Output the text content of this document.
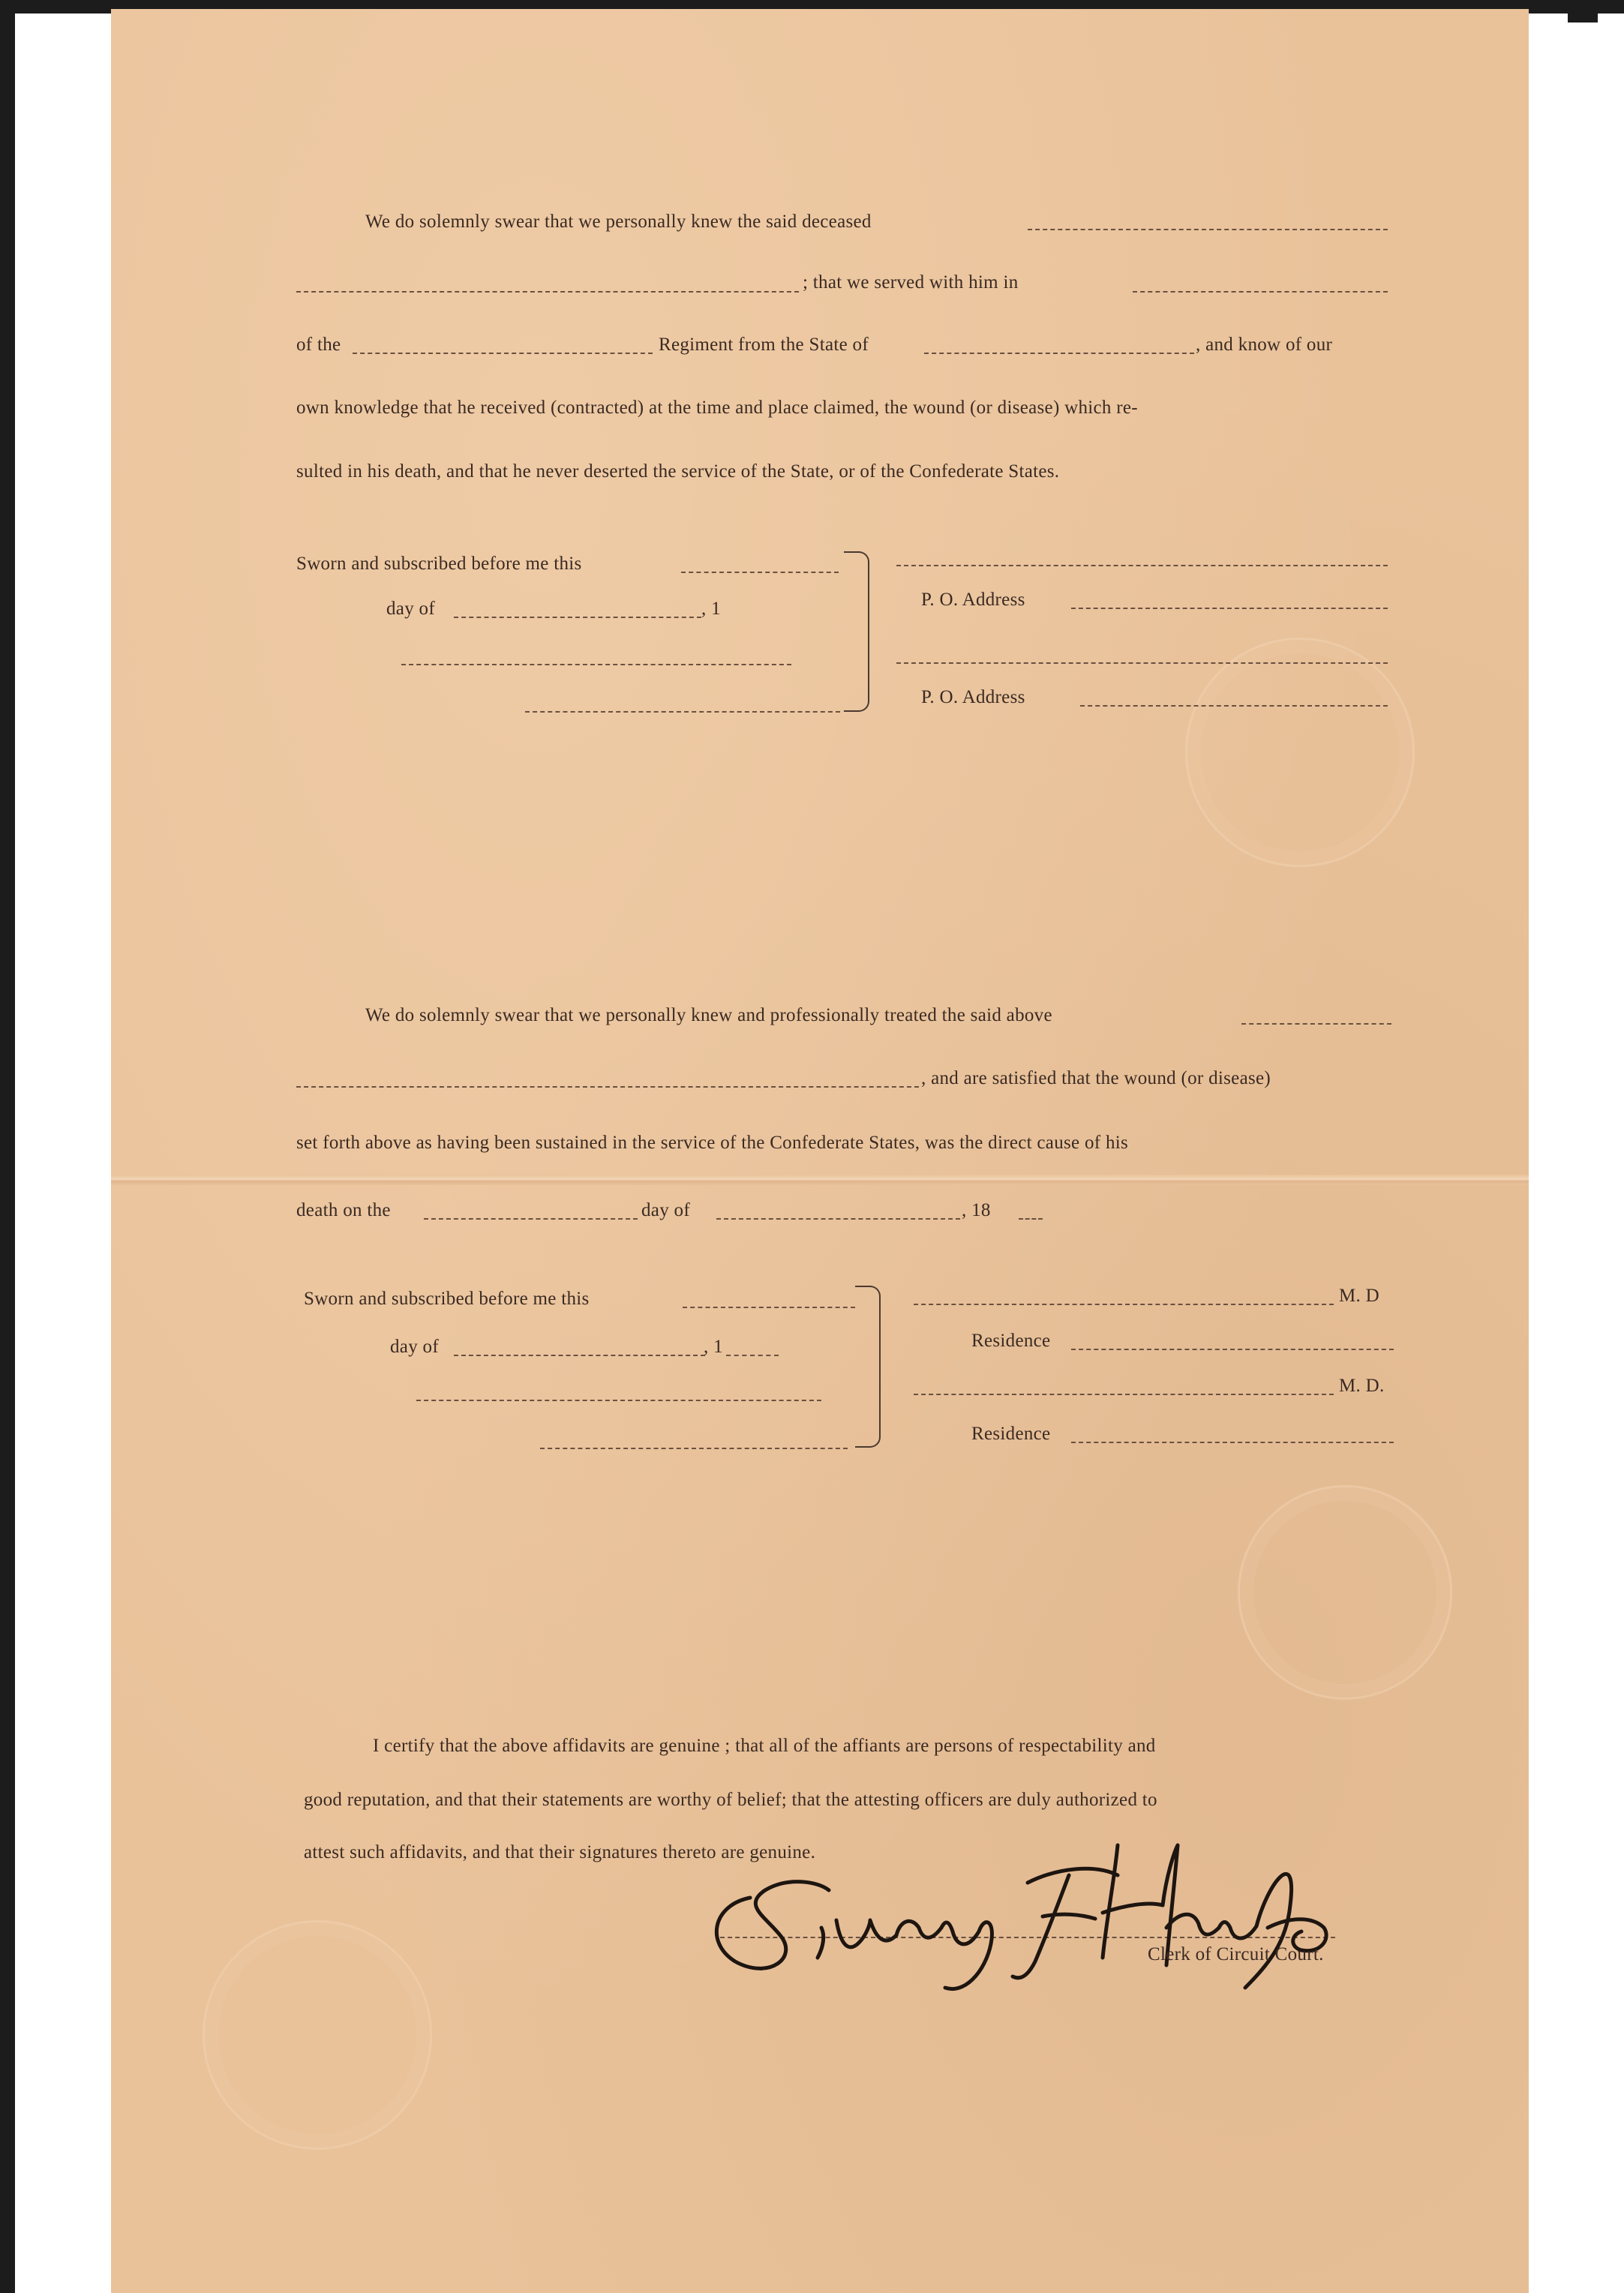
We do solemnly swear that we personally knew the said deceased
; that we served with him in
of the	Regiment from the State of	, and know of our
own knowledge that he received (contracted) at the time and place claimed, the wound (or disease) which re-
sulted in his death, and that he never deserted the service of the State, or of the Confederate States.
Sworn and subscribed before me this
day of	, 1	P. O. Address
P. O. Address
We do solemnly swear that we personally knew and professionally treated the said above
, and are satisfied that the wound (or disease)
set forth above as having been sustained in the service of the Confederate States, was the direct cause of his
death on the	day of	, 18
Sworn and subscribed before me this
day of	, 1
M. D
Residence
M. D.
Residence
I certify that the above affidavits are genuine ; that all of the affiants are persons of respectability and
good reputation, and that their statements are worthy of belief; that the attesting officers are duly authorized to
attest such affidavits, and that their signatures thereto are genuine.
Clerk of Circuit Court.
